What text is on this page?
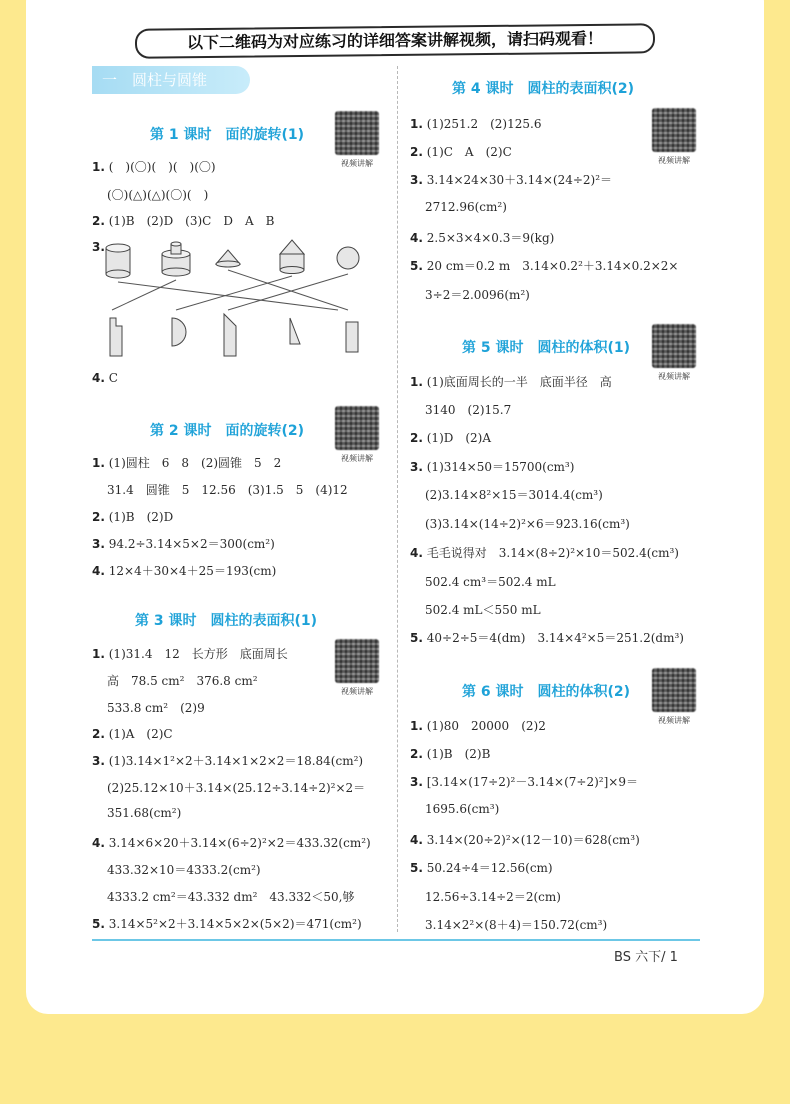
以下二维码为对应练习的详细答案讲解视频，请扫码观看！
一　圆柱与圆锥
第 1 课时　面的旋转(1)
视频讲解
1. (　)(〇)(　)(　)(〇)
(〇)(△)(△)(〇)(　)
2. (1)B　(2)D　(3)C　D　A　B
3.
4. C
第 2 课时　面的旋转(2)
视频讲解
1. (1)圆柱　6　8　(2)圆锥　5　2
31.4　圆锥　5　12.56　(3)1.5　5　(4)12
2. (1)B　(2)D
3. 94.2÷3.14×5×2＝300(cm²)
4. 12×4＋30×4＋25＝193(cm)
第 3 课时　圆柱的表面积(1)
视频讲解
1. (1)31.4　12　长方形　底面周长
高　78.5 cm²　376.8 cm²
533.8 cm²　(2)9
2. (1)A　(2)C
3. (1)3.14×1²×2＋3.14×1×2×2＝18.84(cm²)
(2)25.12×10＋3.14×(25.12÷3.14÷2)²×2＝
351.68(cm²)
4. 3.14×6×20＋3.14×(6÷2)²×2＝433.32(cm²)
433.32×10＝4333.2(cm²)
4333.2 cm²＝43.332 dm²　43.332＜50,够
5. 3.14×5²×2＋3.14×5×2×(5×2)＝471(cm²)
第 4 课时　圆柱的表面积(2)
视频讲解
1. (1)251.2　(2)125.6
2. (1)C　A　(2)C
3. 3.14×24×30＋3.14×(24÷2)²＝
2712.96(cm²)
4. 2.5×3×4×0.3＝9(kg)
5. 20 cm＝0.2 m　3.14×0.2²＋3.14×0.2×2×
3÷2＝2.0096(m²)
第 5 课时　圆柱的体积(1)
视频讲解
1. (1)底面周长的一半　底面半径　高
3140　(2)15.7
2. (1)D　(2)A
3. (1)314×50＝15700(cm³)
(2)3.14×8²×15＝3014.4(cm³)
(3)3.14×(14÷2)²×6＝923.16(cm³)
4. 毛毛说得对　3.14×(8÷2)²×10＝502.4(cm³)
502.4 cm³＝502.4 mL
502.4 mL＜550 mL
5. 40÷2÷5＝4(dm)　3.14×4²×5＝251.2(dm³)
第 6 课时　圆柱的体积(2)
视频讲解
1. (1)80　20000　(2)2
2. (1)B　(2)B
3. [3.14×(17÷2)²－3.14×(7÷2)²]×9＝
1695.6(cm³)
4. 3.14×(20÷2)²×(12－10)＝628(cm³)
5. 50.24÷4＝12.56(cm)
12.56÷3.14÷2＝2(cm)
3.14×2²×(8＋4)＝150.72(cm³)
BS 六下/ 1
